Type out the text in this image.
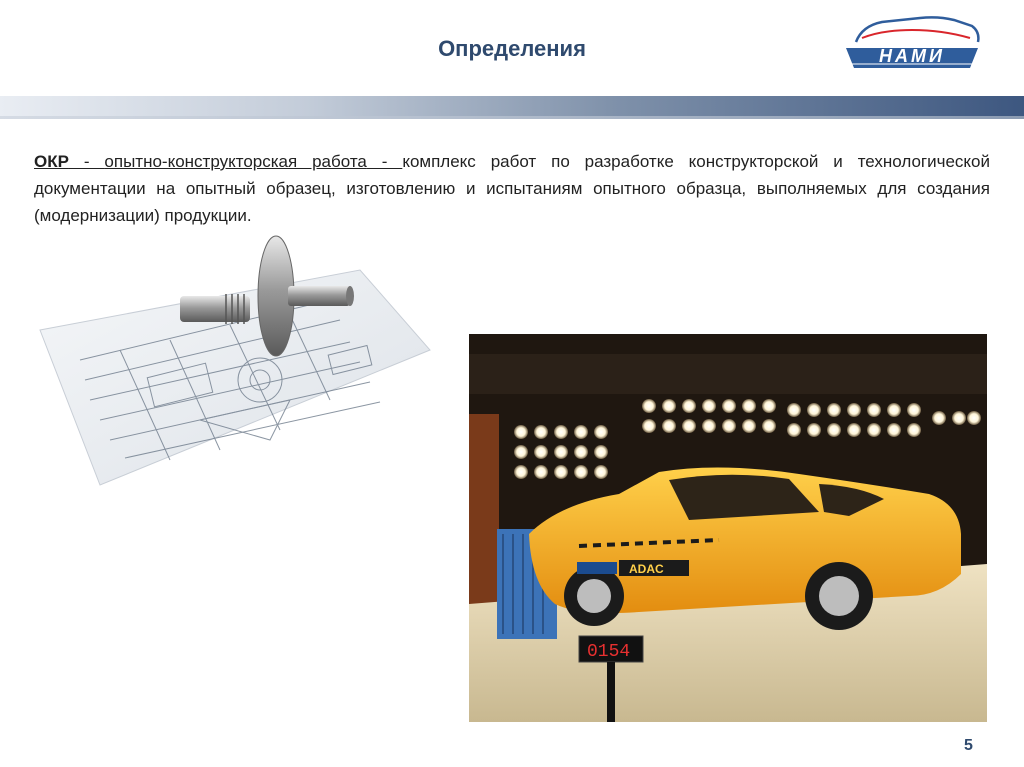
Определения	НАМИ
ОКР - опытно-конструкторская работа - комплекс работ по разработке конструкторской и технологической документации на опытный образец, изготовлению и испытаниям опытного образца, выполняемых для создания (модернизации) продукции.
ADAC
0154
5
